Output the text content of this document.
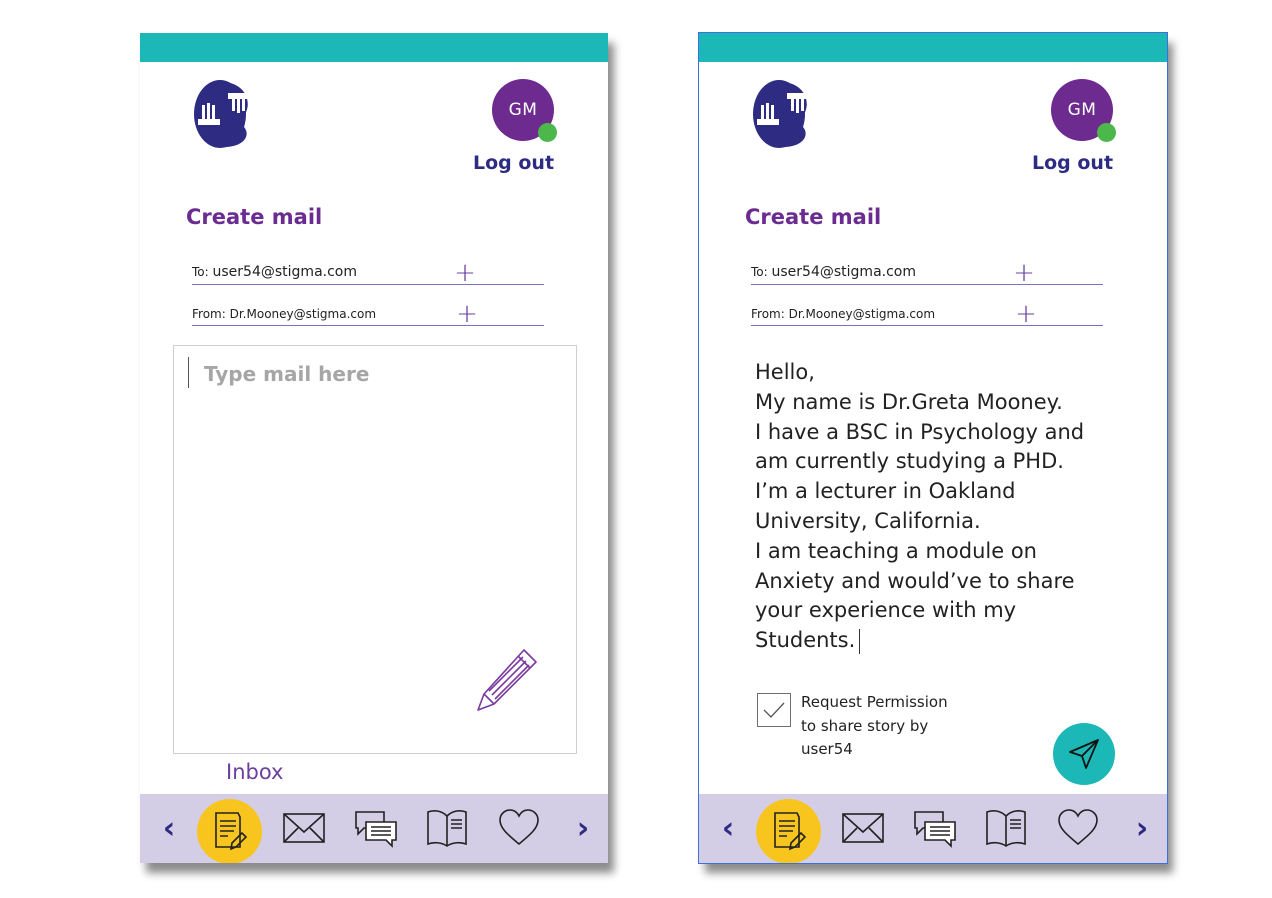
GM
Log out
Create mail
To: user54@stigma.com	+
From: Dr.Mooney@stigma.com	+
Type mail here
Inbox
‹	›
GM
Log out
Create mail
To: user54@stigma.com	+
From: Dr.Mooney@stigma.com	+
Hello,
My name is Dr.Greta Mooney.
I have a BSC in Psychology and
am currently studying a PHD.
I’m a lecturer in Oakland
University, California.
I am teaching a module on
Anxiety and would’ve to share
your experience with my
Students.
Request Permission
to share story by
user54
‹	›
